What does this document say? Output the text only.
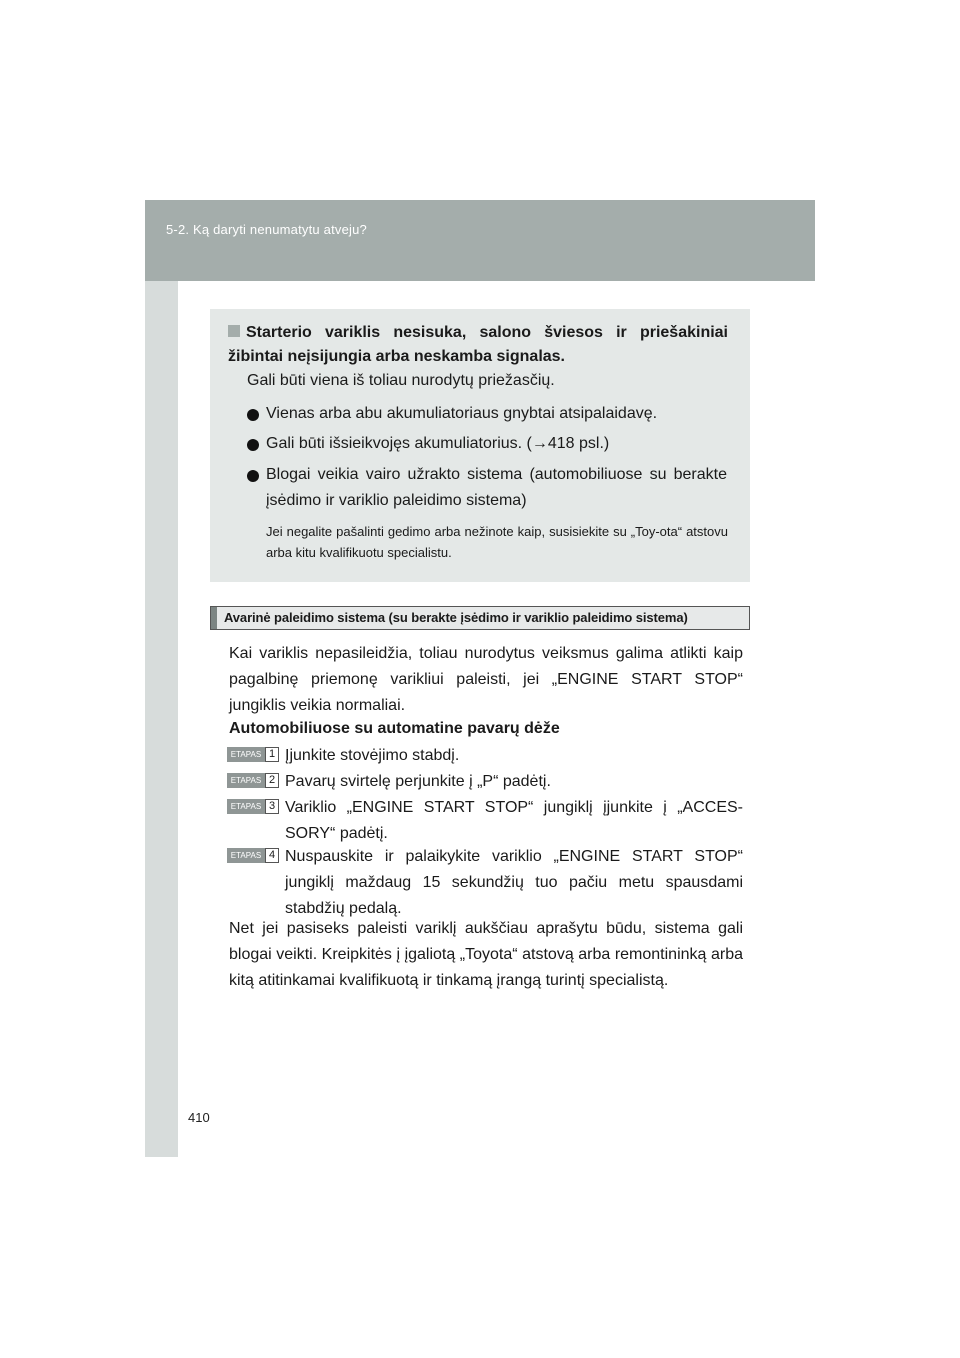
5-2. Ką daryti nenumatytu atveju?
410
Starterio variklis nesisuka, salono šviesos ir priešakiniai žibintai neįsijungia arba neskamba signalas.
Gali būti viena iš toliau nurodytų priežasčių.
Vienas arba abu akumuliatoriaus gnybtai atsipalaidavę.
Gali būti išsieikvojęs akumuliatorius. (→418 psl.)
Blogai veikia vairo užrakto sistema (automobiliuose su berakte įsėdimo ir variklio paleidimo sistema)
Jei negalite pašalinti gedimo arba nežinote kaip, susisiekite su „Toy-ota“ atstovu arba kitu kvalifikuotu specialistu.
Avarinė paleidimo sistema (su berakte įsėdimo ir variklio paleidimo sistema)
Kai variklis nepasileidžia, toliau nurodytus veiksmus galima atlikti kaip pagalbinę priemonę varikliui paleisti, jei „ENGINE START STOP“ jungiklis veikia normaliai.
Automobiliuose su automatine pavarų dėže
ETAPAS 1 Įjunkite stovėjimo stabdį.
ETAPAS 2 Pavarų svirtelę perjunkite į „P“ padėtį.
ETAPAS 3 Variklio „ENGINE START STOP“ jungiklį įjunkite į „ACCES-SORY“ padėtį.
ETAPAS 4 Nuspauskite ir palaikykite variklio „ENGINE START STOP“ jungiklį maždaug 15 sekundžių tuo pačiu metu spausdami stabdžių pedalą.
Net jei pasiseks paleisti variklį aukščiau aprašytu būdu, sistema gali blogai veikti. Kreipkitės į įgaliotą „Toyota“ atstovą arba remontininką arba kitą atitinkamai kvalifikuotą ir tinkamą įrangą turintį specialistą.
